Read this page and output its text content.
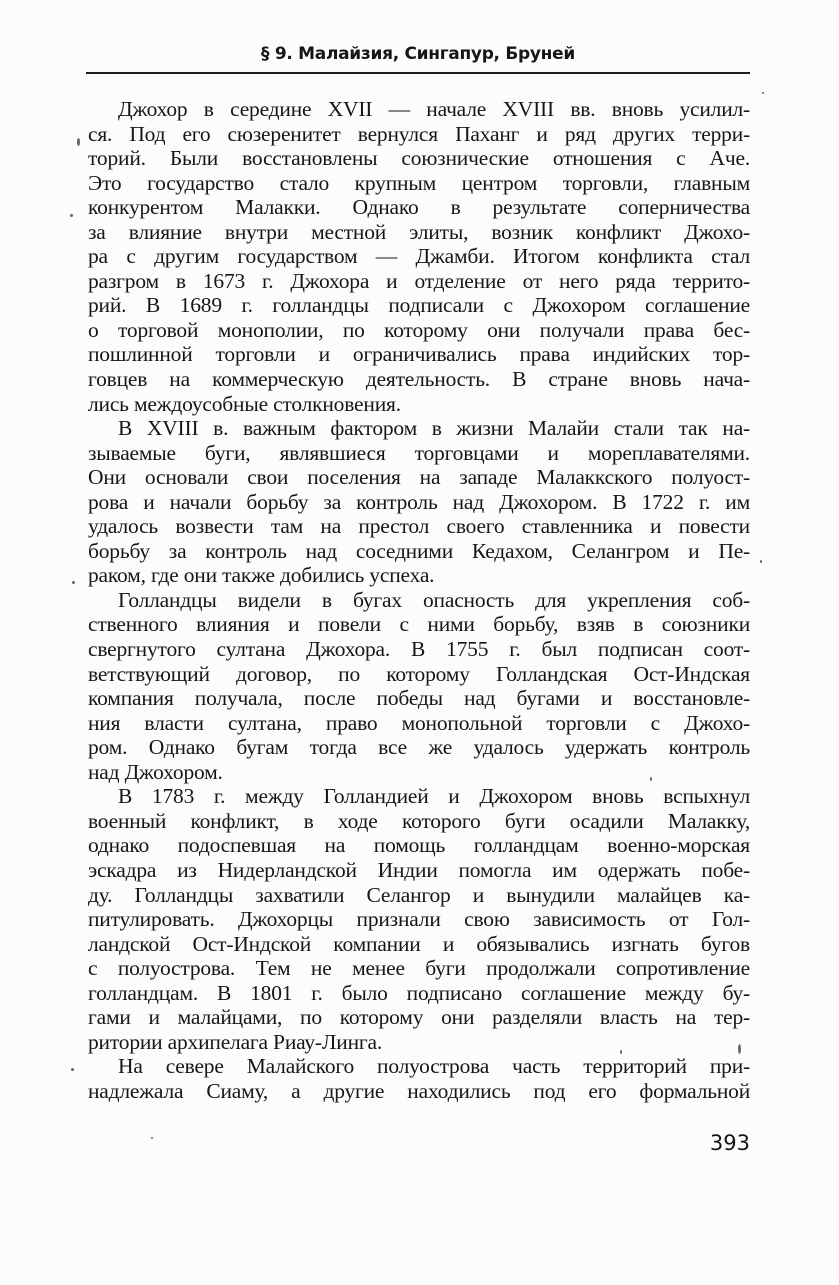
§ 9. Малайзия, Сингапур, Бруней
Джохор в середине XVII — начале XVIII вв. вновь усилил-
ся. Под его сюзеренитет вернулся Паханг и ряд других терри-
торий. Были восстановлены союзнические отношения с Аче.
Это государство стало крупным центром торговли, главным
конкурентом Малакки. Однако в результате соперничества
за влияние внутри местной элиты, возник конфликт Джохо-
ра с другим государством — Джамби. Итогом конфликта стал
разгром в 1673 г. Джохора и отделение от него ряда террито-
рий. В 1689 г. голландцы подписали с Джохором соглашение
о торговой монополии, по которому они получали права бес-
пошлинной торговли и ограничивались права индийских тор-
говцев на коммерческую деятельность. В стране вновь нача-
лись междоусобные столкновения.
В XVIII в. важным фактором в жизни Малайи стали так на-
зываемые буги, являвшиеся торговцами и мореплавателями.
Они основали свои поселения на западе Малаккского полуост-
рова и начали борьбу за контроль над Джохором. В 1722 г. им
удалось возвести там на престол своего ставленника и повести
борьбу за контроль над соседними Кедахом, Селангром и Пе-
раком, где они также добились успеха.
Голландцы видели в бугах опасность для укрепления соб-
ственного влияния и повели с ними борьбу, взяв в союзники
свергнутого султана Джохора. В 1755 г. был подписан соот-
ветствующий договор, по которому Голландская Ост-Индская
компания получала, после победы над бугами и восстановле-
ния власти султана, право монопольной торговли с Джохо-
ром. Однако бугам тогда все же удалось удержать контроль
над Джохором.
В 1783 г. между Голландией и Джохором вновь вспыхнул
военный конфликт, в ходе которого буги осадили Малакку,
однако подоспевшая на помощь голландцам военно-морская
эскадра из Нидерландской Индии помогла им одержать побе-
ду. Голландцы захватили Селангор и вынудили малайцев ка-
питулировать. Джохорцы признали свою зависимость от Гол-
ландской Ост-Индской компании и обязывались изгнать бугов
с полуострова. Тем не менее буги продолжали сопротивление
голландцам. В 1801 г. было подписано соглашение между бу-
гами и малайцами, по которому они разделяли власть на тер-
ритории архипелага Риау-Линга.
На севере Малайского полуострова часть территорий при-
надлежала Сиаму, а другие находились под его формальной
393
